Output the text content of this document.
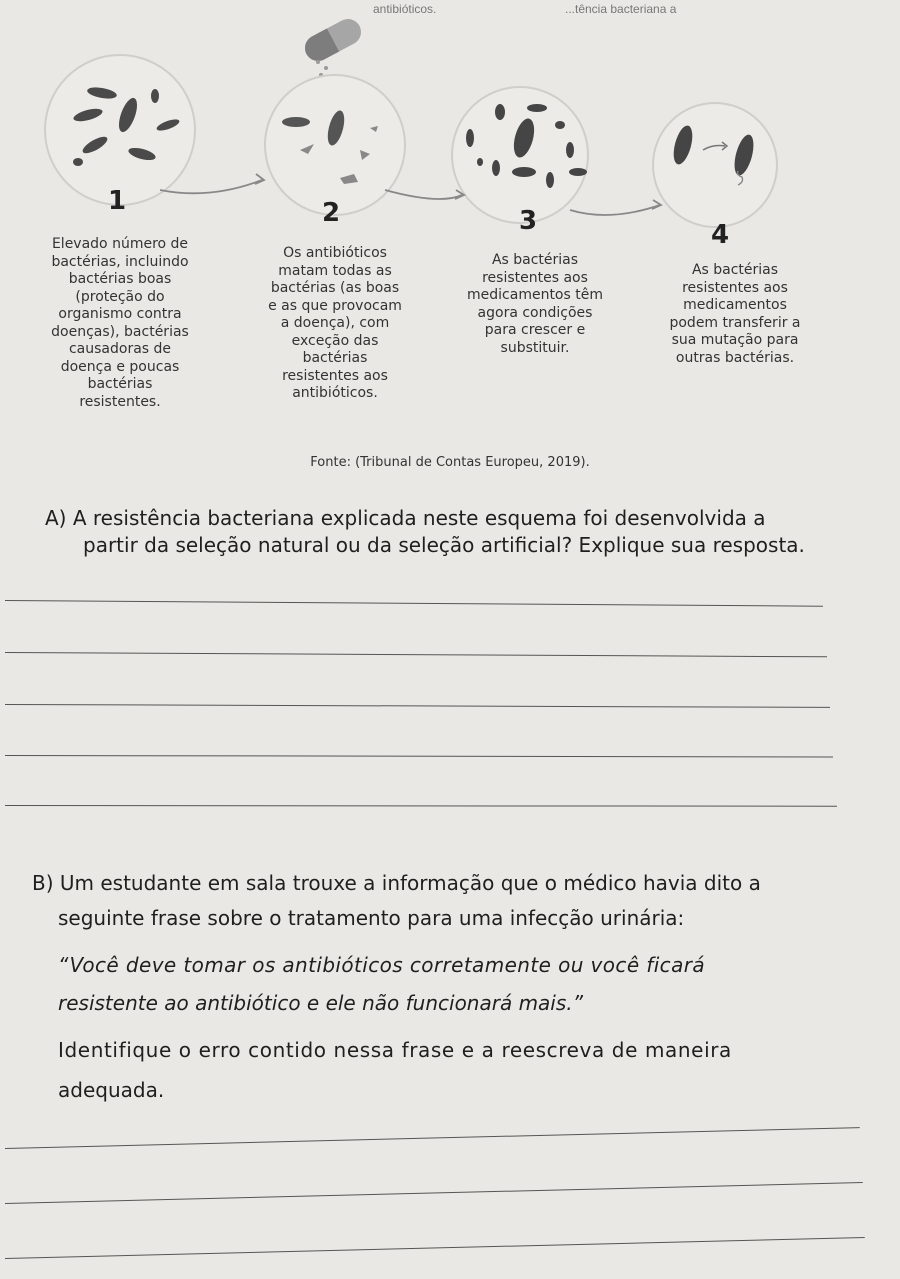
antibióticos.	...tência bacteriana a
1	2	3	4
Elevado número de
bactérias, incluindo
bactérias boas
(proteção do
organismo contra
doenças), bactérias
causadoras de
doença e poucas
bactérias
resistentes.
Os antibióticos
matam todas as
bactérias (as boas
e as que provocam
a doença), com
exceção das
bactérias
resistentes aos
antibióticos.
As bactérias
resistentes aos
medicamentos têm
agora condições
para crescer e
substituir.
As bactérias
resistentes aos
medicamentos
podem transferir a
sua mutação para
outras bactérias.
Fonte: (Tribunal de Contas Europeu, 2019).
A) A resistência bacteriana explicada neste esquema foi desenvolvida a
partir da seleção natural ou da seleção artificial? Explique sua resposta.
B) Um estudante em sala trouxe a informação que o médico havia dito a
seguinte frase sobre o tratamento para uma infecção urinária:
“Você deve tomar os antibióticos corretamente ou você ficará
resistente ao antibiótico e ele não funcionará mais.”
Identifique o erro contido nessa frase e a reescreva de maneira
adequada.
